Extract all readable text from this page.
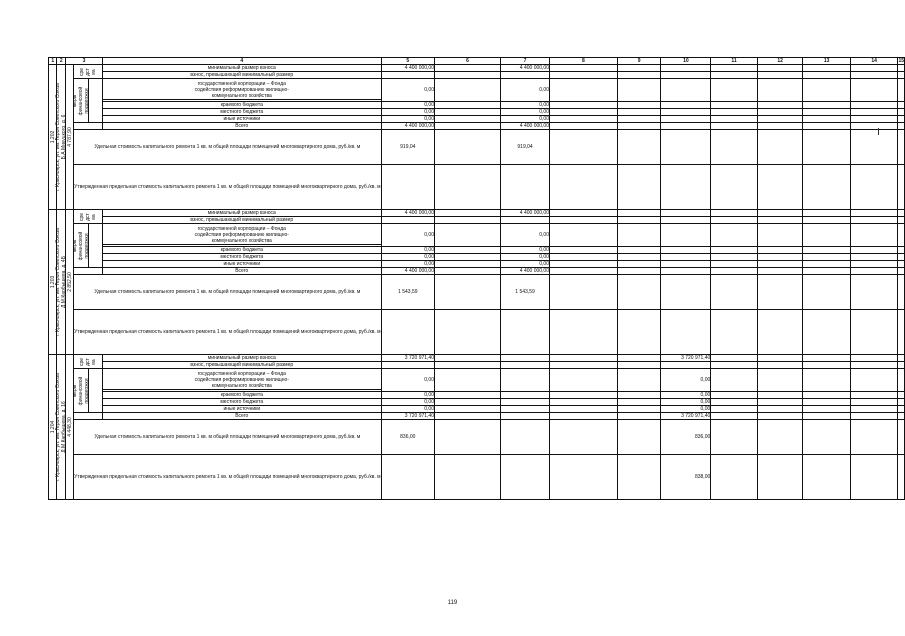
1	2	3			4	5	6	7	8	9	10	11	12	13	14	15

1.202	г. Красноярск, ул. им. Героя Советского Союза Б.А.Микуцкого, д. 6	4 787,90	сре дст ва		минимальный размер взноса	4 400 000,00		4 400 000,00								
					взнос, превышающий минимальный размер											

			меры финансовой поддержки		государственной корпорации – Фонда
содействия реформированию жилищно-
коммунального хозяйства	0,00		0,00								
					краевого бюджета	0,00		0,00								
					местного бюджета	0,00		0,00								
					иные источники	0,00		0,00								
					Всего	4 400 000,00		4 400 000,00								
			Удельная стоимость капитального ремонта 1 кв. м общей площади помещений многоквартирного дома, руб./кв. м			919,04		919,04								
			Утвержденная предельная стоимость капитального ремонта 1 кв. м общей площади помещений многоквартирного дома, руб./кв. м													

1.203	г. Красноярск, ул. им. Героя Советского Союза Д.М.Карбышева, д. 4Б	2 852,50	сре дст ва		минимальный размер взноса	4 400 000,00		4 400 000,00								
					взнос, превышающий минимальный размер											

			меры финансовой поддержки		государственной корпорации – Фонда
содействия реформированию жилищно-
коммунального хозяйства	0,00		0,00								
					краевого бюджета	0,00		0,00								
					местного бюджета	0,00		0,00								
					иные источники	0,00		0,00								
					Всего	4 400 000,00		4 400 000,00								
			Удельная стоимость капитального ремонта 1 кв. м общей площади помещений многоквартирного дома, руб./кв. м			1 543,59		1 543,59								
			Утвержденная предельная стоимость капитального ремонта 1 кв. м общей площади помещений многоквартирного дома, руб./кв. м													

1.204	г. Красноярск, ул. им. Героя Советского Союза Д.М.Карбышева, д. 16	4 448,30	сре дст ва		минимальный размер взноса	3 720 971,40					3 720 971,40					
					взнос, превышающий минимальный размер											

			меры финансовой поддержки		государственной корпорации – Фонда
содействия реформированию жилищно-
коммунального хозяйства	0,00					0,00					
					краевого бюджета	0,00					0,00					
					местного бюджета	0,00					0,00					
					иные источники	0,00					0,00					
					Всего	3 720 971,40					3 720 971,40					
			Удельная стоимость капитального ремонта 1 кв. м общей площади помещений многоквартирного дома, руб./кв. м			836,00					836,00					
			Утвержденная предельная стоимость капитального ремонта 1 кв. м общей площади помещений многоквартирного дома, руб./кв. м								838,00					
119
